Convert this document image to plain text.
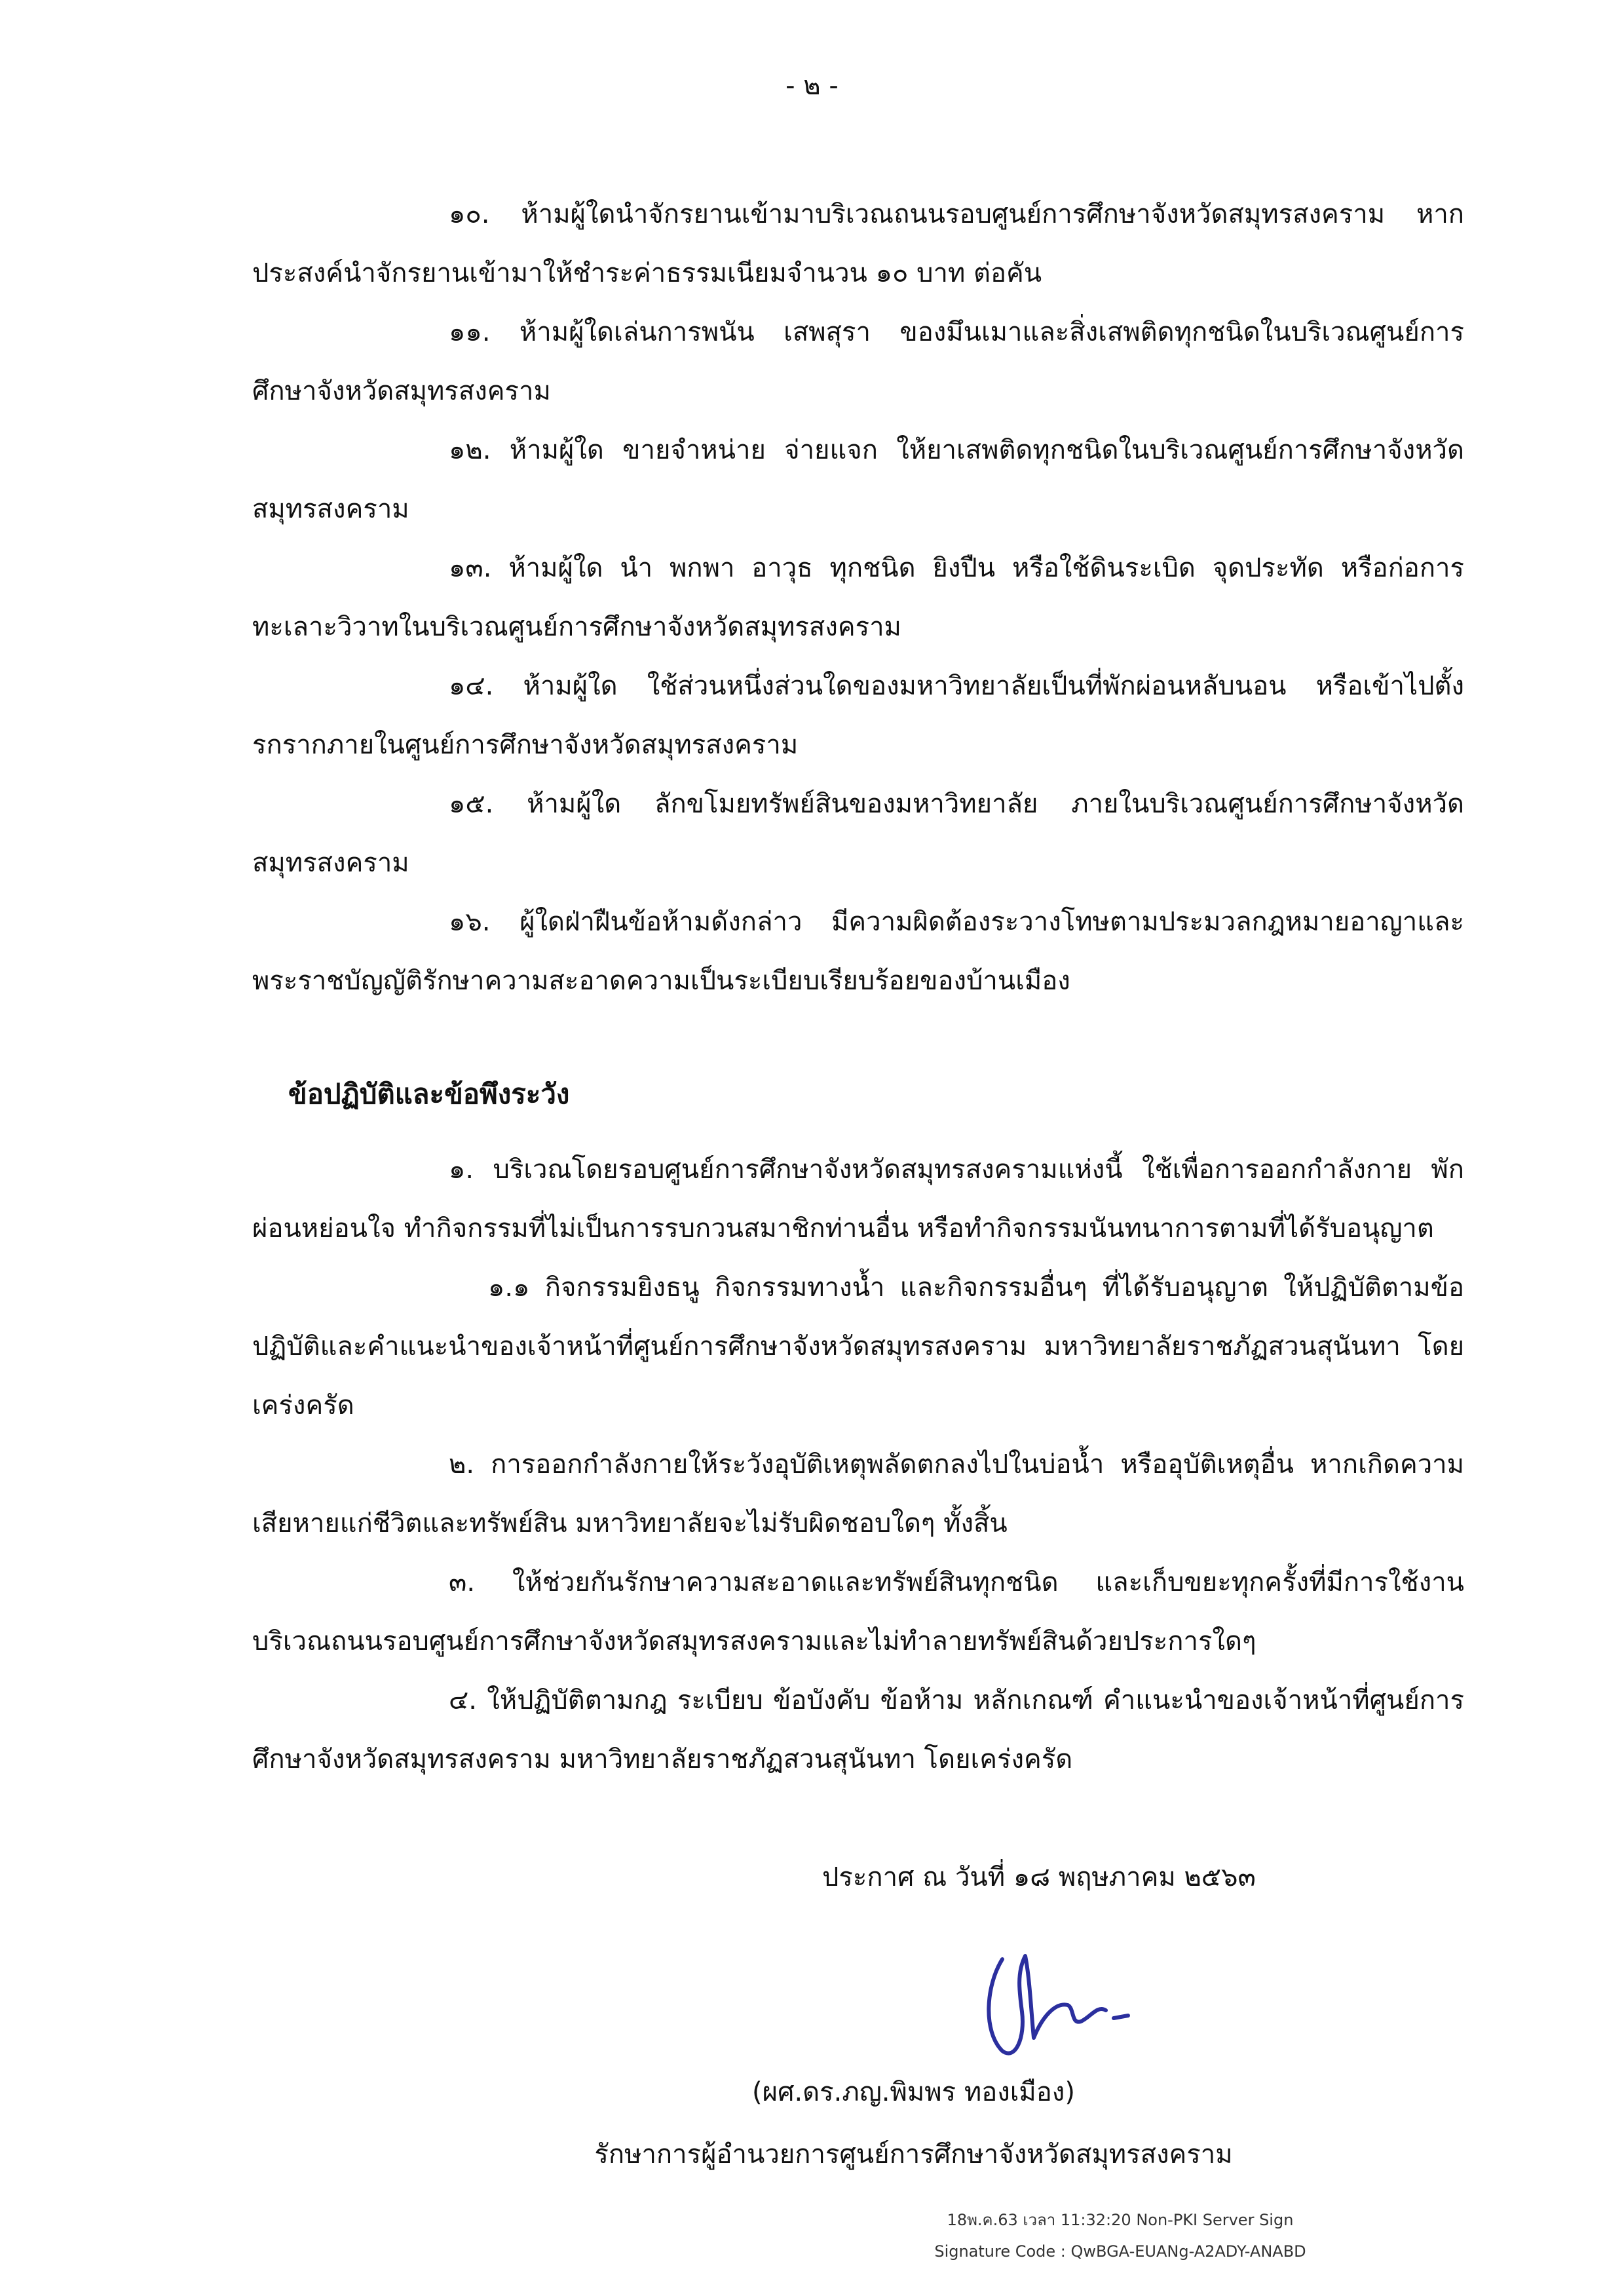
- ๒ -
๑๐. ห้ามผู้ใดนำจักรยานเข้ามาบริเวณถนนรอบศูนย์การศึกษาจังหวัดสมุทรสงคราม หาก
ประสงค์นำจักรยานเข้ามาให้ชำระค่าธรรมเนียมจำนวน ๑๐ บาท ต่อคัน
๑๑. ห้ามผู้ใดเล่นการพนัน เสพสุรา ของมึนเมาและสิ่งเสพติดทุกชนิดในบริเวณศูนย์การ
ศึกษาจังหวัดสมุทรสงคราม
๑๒. ห้ามผู้ใด ขายจำหน่าย จ่ายแจก ให้ยาเสพติดทุกชนิดในบริเวณศูนย์การศึกษาจังหวัด
สมุทรสงคราม
๑๓. ห้ามผู้ใด นำ พกพา อาวุธ ทุกชนิด ยิงปืน หรือใช้ดินระเบิด จุดประทัด หรือก่อการ
ทะเลาะวิวาทในบริเวณศูนย์การศึกษาจังหวัดสมุทรสงคราม
๑๔. ห้ามผู้ใด ใช้ส่วนหนึ่งส่วนใดของมหาวิทยาลัยเป็นที่พักผ่อนหลับนอน หรือเข้าไปตั้ง
รกรากภายในศูนย์การศึกษาจังหวัดสมุทรสงคราม
๑๕. ห้ามผู้ใด ลักขโมยทรัพย์สินของมหาวิทยาลัย ภายในบริเวณศูนย์การศึกษาจังหวัด
สมุทรสงคราม
๑๖. ผู้ใดฝ่าฝืนข้อห้ามดังกล่าว มีความผิดต้องระวางโทษตามประมวลกฎหมายอาญาและ
พระราชบัญญัติรักษาความสะอาดความเป็นระเบียบเรียบร้อยของบ้านเมือง
ข้อปฏิบัติและข้อพึงระวัง
๑. บริเวณโดยรอบศูนย์การศึกษาจังหวัดสมุทรสงครามแห่งนี้ ใช้เพื่อการออกกำลังกาย พัก
ผ่อนหย่อนใจ ทำกิจกรรมที่ไม่เป็นการรบกวนสมาชิกท่านอื่น หรือทำกิจกรรมนันทนาการตามที่ได้รับอนุญาต
๑.๑ กิจกรรมยิงธนู กิจกรรมทางน้ำ และกิจกรรมอื่นๆ ที่ได้รับอนุญาต ให้ปฏิบัติตามข้อ
ปฏิบัติและคำแนะนำของเจ้าหน้าที่ศูนย์การศึกษาจังหวัดสมุทรสงคราม มหาวิทยาลัยราชภัฏสวนสุนันทา โดย
เคร่งครัด
๒. การออกกำลังกายให้ระวังอุบัติเหตุพลัดตกลงไปในบ่อน้ำ หรืออุบัติเหตุอื่น หากเกิดความ
เสียหายแก่ชีวิตและทรัพย์สิน มหาวิทยาลัยจะไม่รับผิดชอบใดๆ ทั้งสิ้น
๓. ให้ช่วยกันรักษาความสะอาดและทรัพย์สินทุกชนิด และเก็บขยะทุกครั้งที่มีการใช้งาน
บริเวณถนนรอบศูนย์การศึกษาจังหวัดสมุทรสงครามและไม่ทำลายทรัพย์สินด้วยประการใดๆ
๔. ให้ปฏิบัติตามกฎ ระเบียบ ข้อบังคับ ข้อห้าม หลักเกณฑ์ คำแนะนำของเจ้าหน้าที่ศูนย์การ
ศึกษาจังหวัดสมุทรสงคราม มหาวิทยาลัยราชภัฏสวนสุนันทา โดยเคร่งครัด
ประกาศ ณ วันที่ ๑๘ พฤษภาคม ๒๕๖๓
(ผศ.ดร.ภญ.พิมพร ทองเมือง)
รักษาการผู้อำนวยการศูนย์การศึกษาจังหวัดสมุทรสงคราม
18พ.ค.63 เวลา 11:32:20 Non-PKI Server Sign
Signature Code : QwBGA-EUANg-A2ADY-ANABD
